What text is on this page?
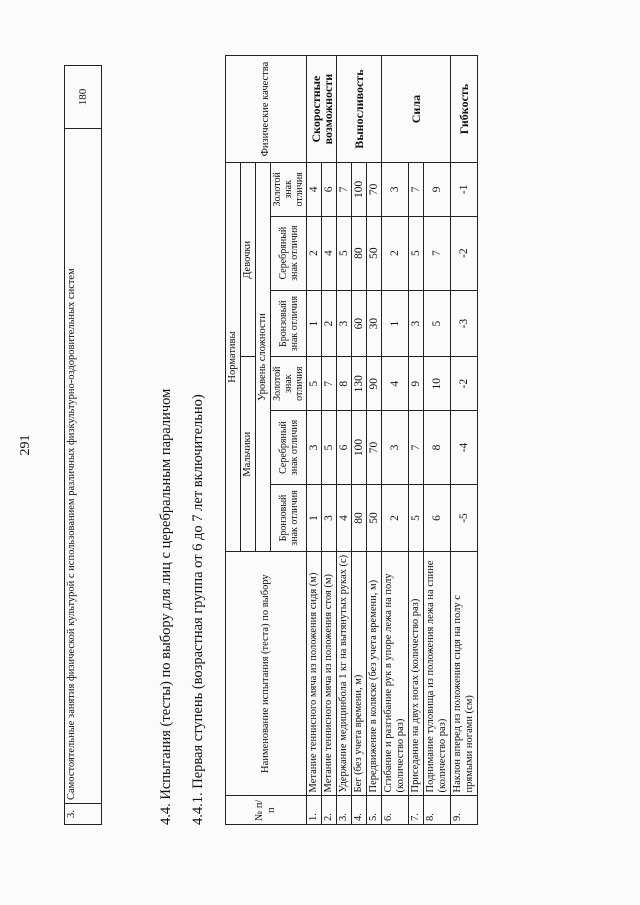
291
3.	Самостоятельные занятия физической культурой с использованием различных физкультурно-оздоровительных систем	180
4.4. Испытания (тесты) по выбору для лиц с церебральным параличом 4.4.1. Первая ступень (возрастная группа от 6 до 7 лет включительно)	№ п/п	Наименование испытания (теста) по выбору	Нормативы						Физические качества
		Мальчики			Девочки			
		Уровень сложности						
		Бронзовый знак отличия	Серебряный знак отличия	Золотой знак отличия	Бронзовый знак отличия	Серебряный знак отличия	Золотой знак отличия	
1.	Метание теннисного мяча из положения сидя (м)	1	3	5	1	2	4	Скоростные возможности
2.	Метание теннисного мяча из положения стоя (м)	3	5	7	2	4	6	
3.	Удержание медицинбола 1 кг на вытянутых руках (с)	4	6	8	3	5	7	Выносливость
4.	Бег (без учета времени, м)	80	100	130	60	80	100	
5.	Передвижение в коляске (без учета времени, м)	50	70	90	30	50	70	
6.	Сгибание и разгибание рук в упоре лежа на полу (количество раз)	2	3	4	1	2	3	Сила
7.	Приседание на двух ногах (количество раз)	5	7	9	3	5	7	
8.	Поднимание туловища из положения лежа на спине (количество раз)	6	8	10	5	7	9	
9.	Наклон вперед из положения сидя на полу с прямыми ногами (см)	-5	-4	-2	-3	-2	-1	Гибкость
